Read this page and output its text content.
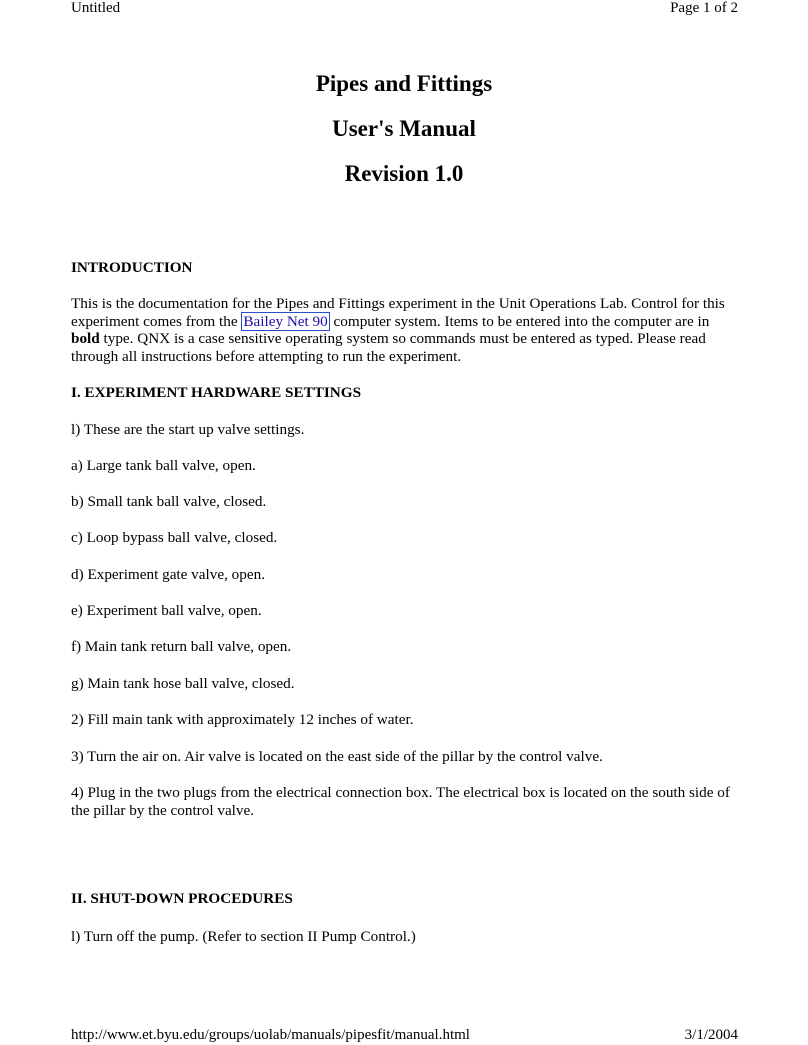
Untitled	Page 1 of 2
Pipes and Fittings
User's Manual
Revision 1.0
INTRODUCTION
This is the documentation for the Pipes and Fittings experiment in the Unit Operations Lab. Control for this experiment comes from the Bailey Net 90 computer system. Items to be entered into the computer are in bold type. QNX is a case sensitive operating system so commands must be entered as typed. Please read through all instructions before attempting to run the experiment.
I. EXPERIMENT HARDWARE SETTINGS
l) These are the start up valve settings.
a) Large tank ball valve, open.
b) Small tank ball valve, closed.
c) Loop bypass ball valve, closed.
d) Experiment gate valve, open.
e) Experiment ball valve, open.
f) Main tank return ball valve, open.
g) Main tank hose ball valve, closed.
2) Fill main tank with approximately 12 inches of water.
3) Turn the air on. Air valve is located on the east side of the pillar by the control valve.
4) Plug in the two plugs from the electrical connection box. The electrical box is located on the south side of the pillar by the control valve.
II. SHUT-DOWN PROCEDURES
l) Turn off the pump. (Refer to section II Pump Control.)
http://www.et.byu.edu/groups/uolab/manuals/pipesfit/manual.html	3/1/2004
